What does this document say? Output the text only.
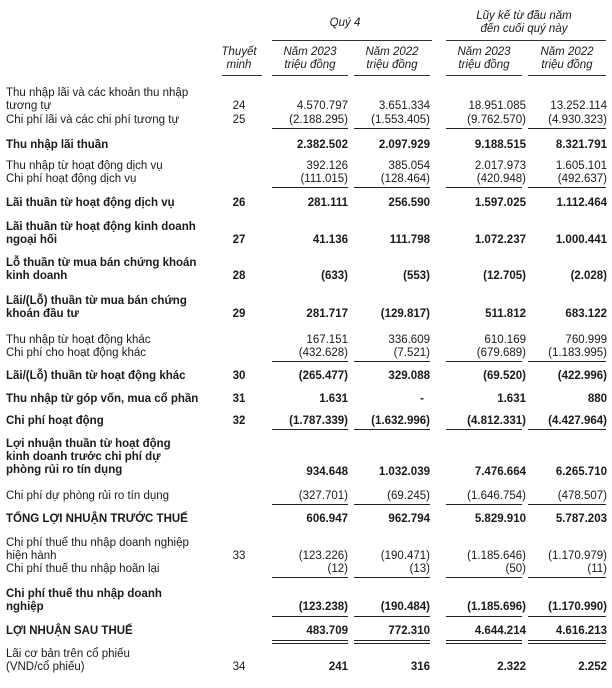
Quý 4
Lũy kế từ đầu năm
đến cuối quý này
Thuyết
minh
Năm 2023
triệu đồng
Năm 2022
triệu đồng
Năm 2023
triệu đồng
Năm 2022
triệu đồng
Thu nhập lãi và các khoản thu nhập
tương tự	24	4.570.797	3.651.334	18.951.085	13.252.114
Chi phí lãi và các chi phí tương tự	25	(2.188.295)	(1.553.405)	(9.762.570)	(4.930.323)
Thu nhập lãi thuần	2.382.502	2.097.929	9.188.515	8.321.791
Thu nhập từ hoạt động dịch vụ	392.126	385.054	2.017.973	1.605.101
Chi phí hoạt động dịch vụ	(111.015)	(128.464)	(420.948)	(492.637)
Lãi thuần từ hoạt động dịch vụ	26	281.111	256.590	1.597.025	1.112.464
Lãi thuần từ hoạt động kinh doanh
ngoại hối	27	41.136	111.798	1.072.237	1.000.441
Lỗ thuần từ mua bán chứng khoán
kinh doanh	28	(633)	(553)	(12.705)	(2.028)
Lãi/(Lỗ) thuần từ mua bán chứng
khoán đầu tư	29	281.717	(129.817)	511.812	683.122
Thu nhập từ hoạt động khác	167.151	336.609	610.169	760.999
Chi phí cho hoạt động khác	(432.628)	(7.521)	(679.689)	(1.183.995)
Lãi/(Lỗ) thuần từ hoạt động khác	30	(265.477)	329.088	(69.520)	(422.996)
Thu nhập từ góp vốn, mua cổ phần	31	1.631	-	1.631	880
Chi phí hoạt động	32	(1.787.339)	(1.632.996)	(4.812.331)	(4.427.964)
Lợi nhuận thuần từ hoạt động
kinh doanh trước chi phí dự
phòng rủi ro tín dụng	934.648	1.032.039	7.476.664	6.265.710
Chi phí dự phòng rủi ro tín dụng	(327.701)	(69.245)	(1.646.754)	(478.507)
TỔNG LỢI NHUẬN TRƯỚC THUẾ	606.947	962.794	5.829.910	5.787.203
Chi phí thuế thu nhập doanh nghiệp
hiện hành	33	(123.226)	(190.471)	(1.185.646)	(1.170.979)
Chi phí thuế thu nhập hoãn lại	(12)	(13)	(50)	(11)
Chi phí thuế thu nhập doanh
nghiệp	(123.238)	(190.484)	(1.185.696)	(1.170.990)
LỢI NHUẬN SAU THUẾ	483.709	772.310	4.644.214	4.616.213
Lãi cơ bản trên cổ phiếu
(VND/cổ phiếu)	34	241	316	2.322	2.252
